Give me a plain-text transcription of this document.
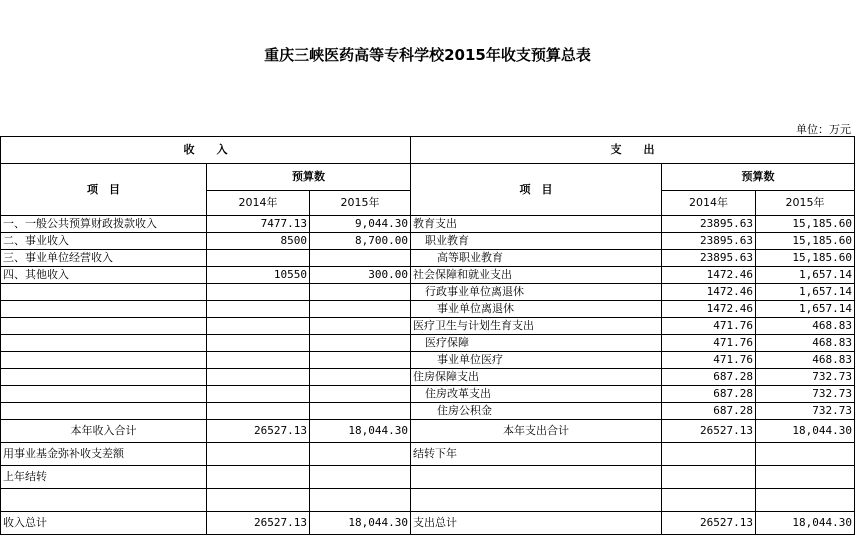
重庆三峡医药高等专科学校2015年收支预算总表
单位：万元
收　　入			支　　出		
项　目	预算数		项　目	预算数	
	2014年	2015年		2014年	2015年
一、一般公共预算财政拨款收入	7477.13	9,044.30	教育支出	23895.63	15,185.60
二、事业收入	8500	8,700.00	职业教育	23895.63	15,185.60
三、事业单位经营收入			高等职业教育	23895.63	15,185.60
四、其他收入	10550	300.00	社会保障和就业支出	1472.46	1,657.14
			行政事业单位离退休	1472.46	1,657.14
			事业单位离退休	1472.46	1,657.14
			医疗卫生与计划生育支出	471.76	468.83
			医疗保障	471.76	468.83
			事业单位医疗	471.76	468.83
			住房保障支出	687.28	732.73
			住房改革支出	687.28	732.73
			住房公积金	687.28	732.73
本年收入合计	26527.13	18,044.30	本年支出合计	26527.13	18,044.30
用事业基金弥补收支差额			结转下年		
上年结转					

收入总计	26527.13	18,044.30	支出总计	26527.13	18,044.30
